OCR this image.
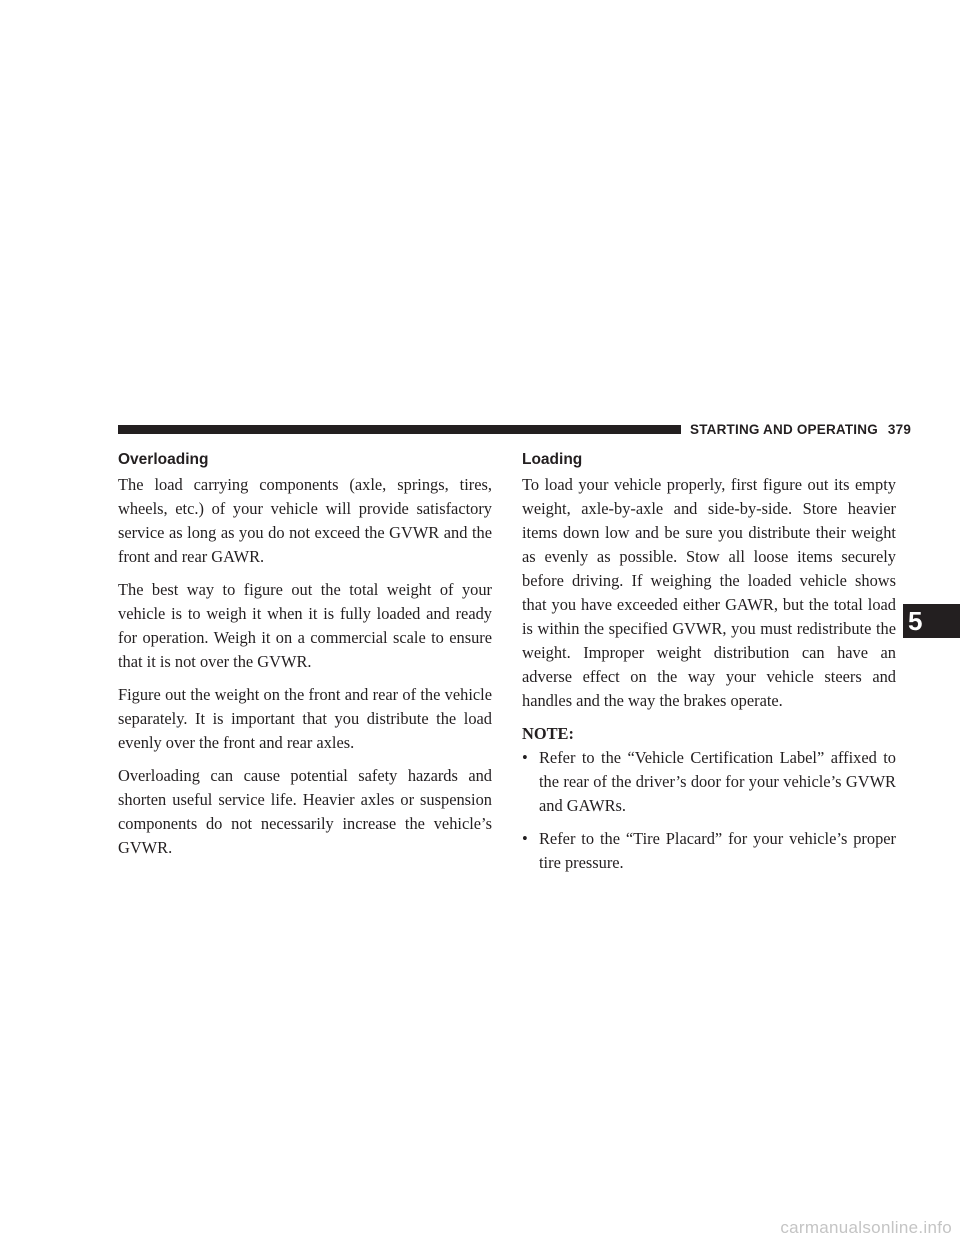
STARTING AND OPERATING 379
5
Overloading

The load carrying components (axle, springs, tires, wheels, etc.) of your vehicle will provide satisfactory service as long as you do not exceed the GVWR and the front and rear GAWR.

The best way to figure out the total weight of your vehicle is to weigh it when it is fully loaded and ready for operation. Weigh it on a commercial scale to ensure that it is not over the GVWR.

Figure out the weight on the front and rear of the vehicle separately. It is important that you distribute the load evenly over the front and rear axles.

Overloading can cause potential safety hazards and shorten useful service life. Heavier axles or suspension components do not necessarily increase the vehicle’s GVWR.

Loading

To load your vehicle properly, first figure out its empty weight, axle-by-axle and side-by-side. Store heavier items down low and be sure you distribute their weight as evenly as possible. Stow all loose items securely before driving. If weighing the loaded vehicle shows that you have exceeded either GAWR, but the total load is within the specified GVWR, you must redistribute the weight. Improper weight distribution can have an adverse effect on the way your vehicle steers and handles and the way the brakes operate.

NOTE:

• Refer to the “Vehicle Certification Label” affixed to the rear of the driver’s door for your vehicle’s GVWR and GAWRs.
• Refer to the “Tire Placard” for your vehicle’s proper tire pressure.
carmanualsonline.info
